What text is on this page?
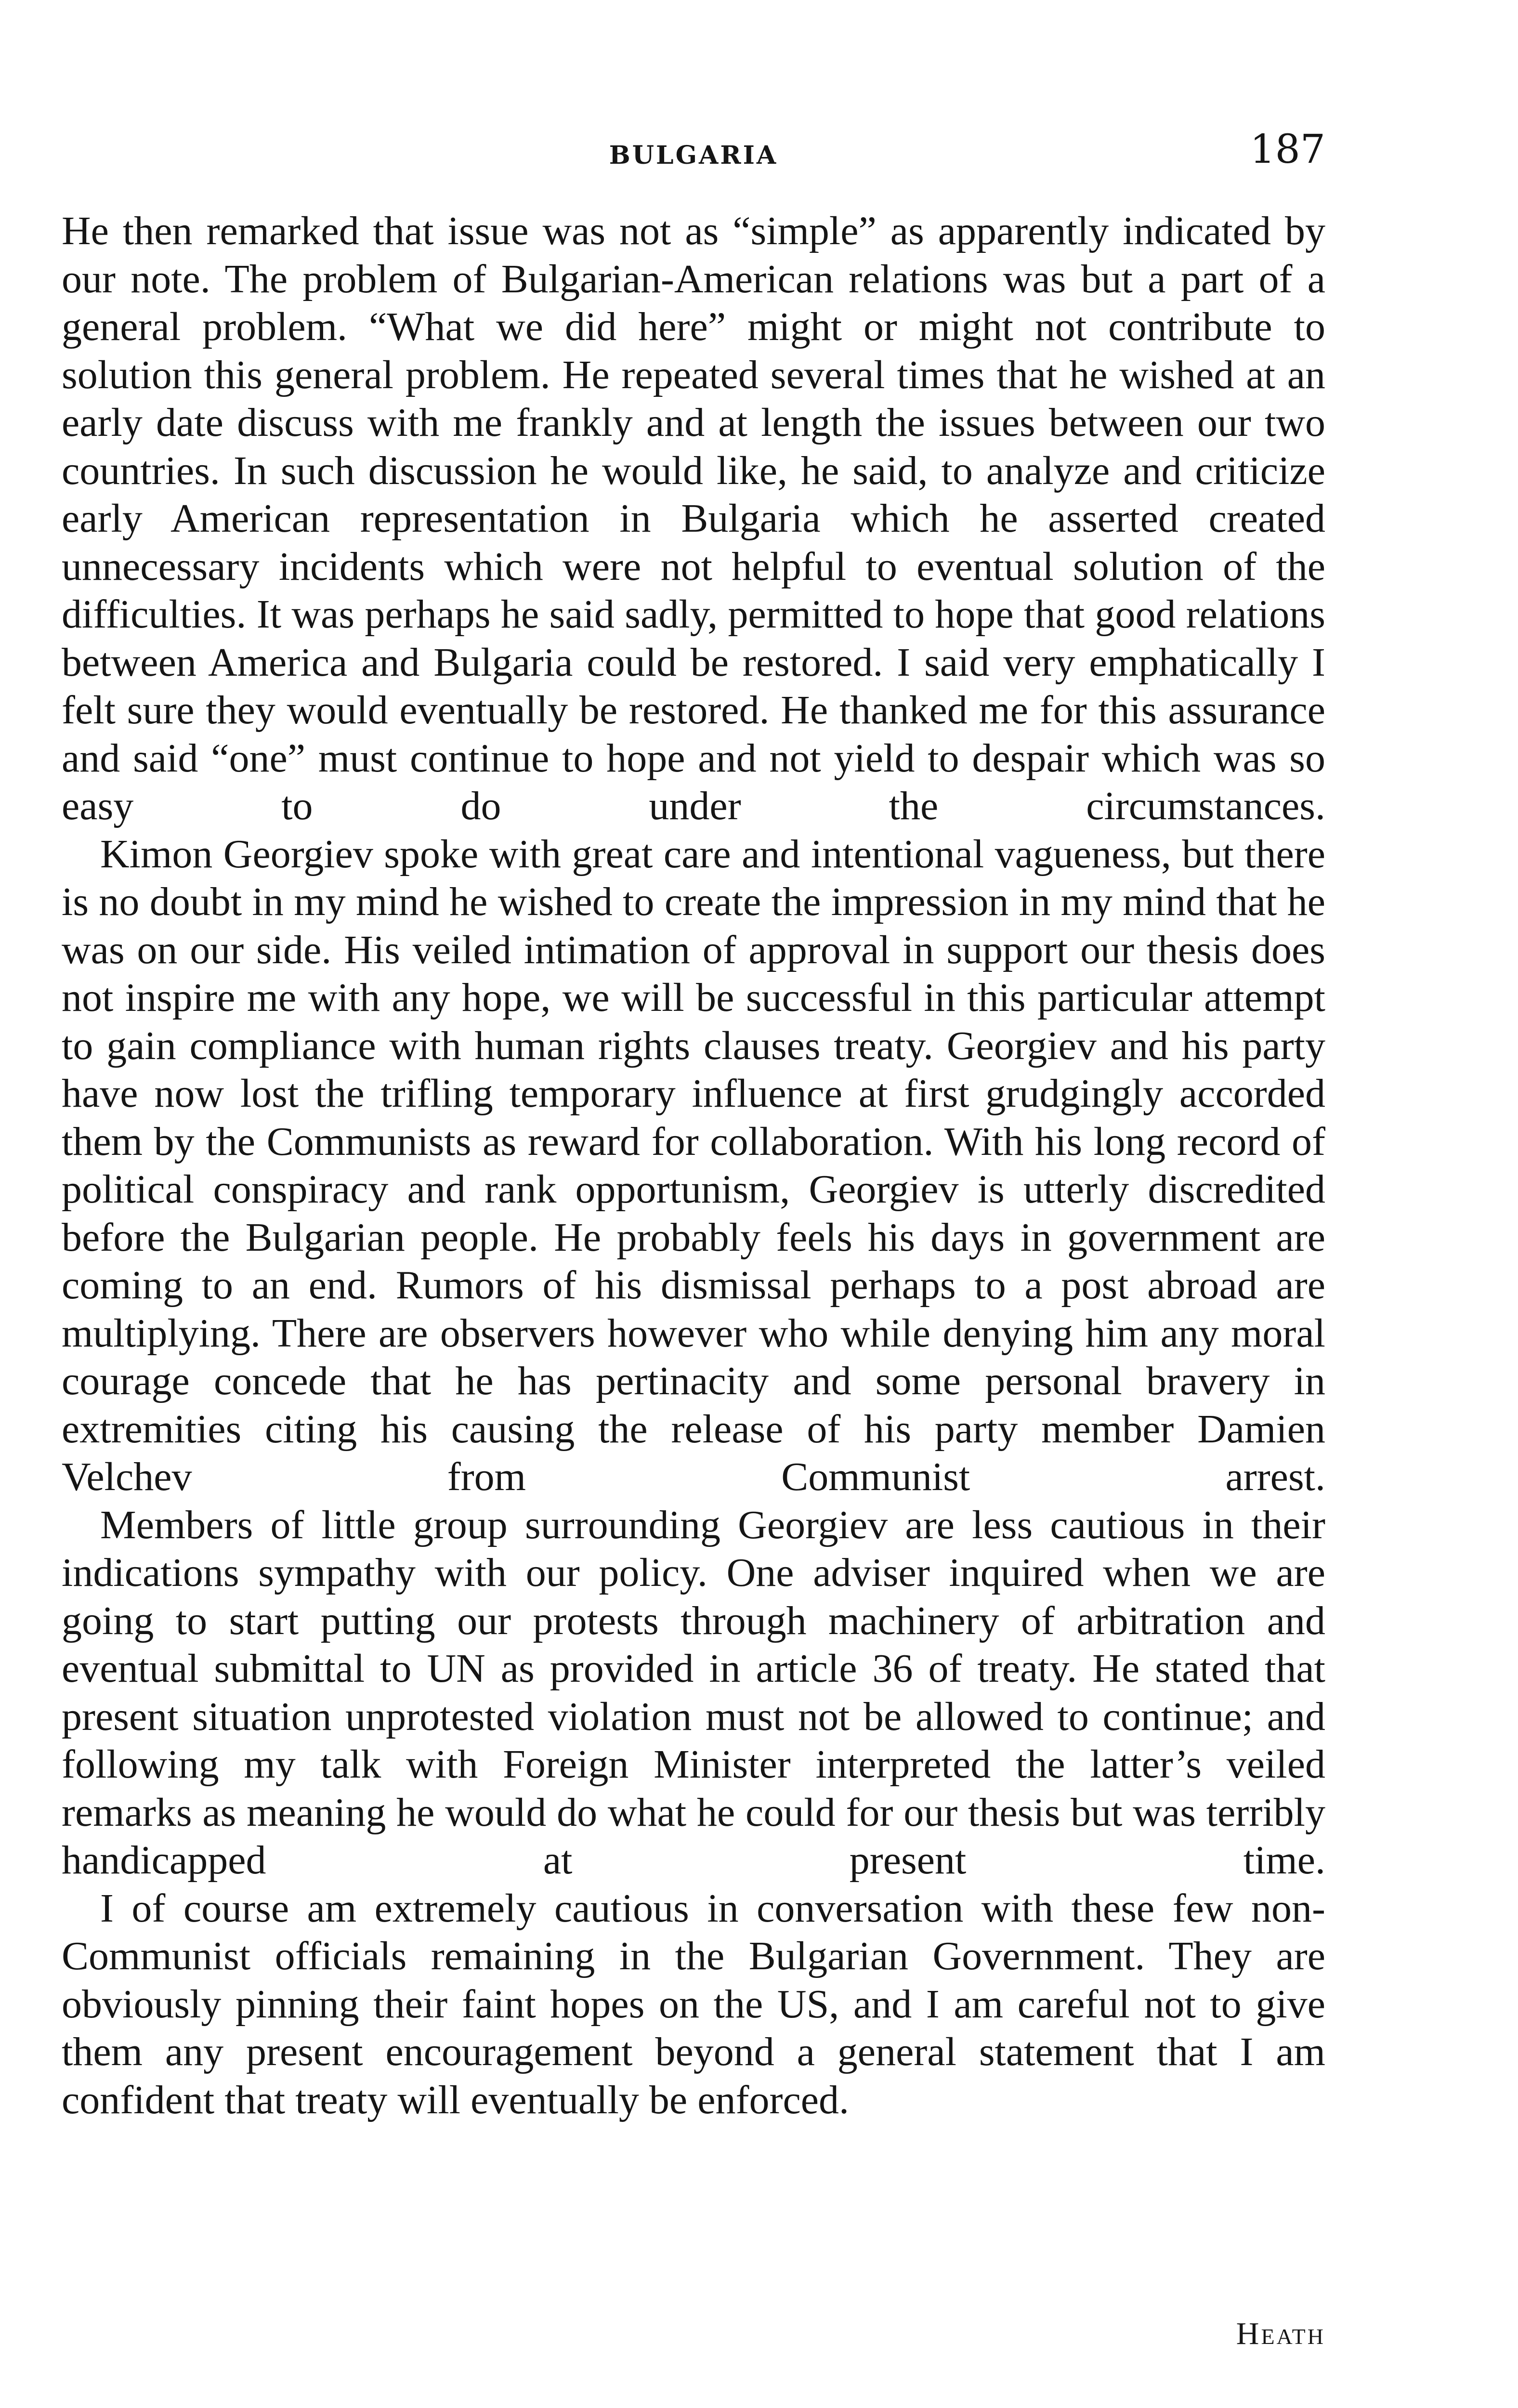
BULGARIA	187

He then remarked that issue was not as “simple” as apparently indicated by our note. The problem of Bulgarian-American relations was but a part of a general problem. “What we did here” might or might not contribute to solution this general problem. He repeated several times that he wished at an early date discuss with me frankly and at length the issues between our two countries. In such discussion he would like, he said, to analyze and criticize early American representation in Bulgaria which he asserted created unnecessary incidents which were not helpful to eventual solution of the difficulties. It was perhaps he said sadly, permitted to hope that good relations between America and Bulgaria could be restored. I said very emphatically I felt sure they would eventually be restored. He thanked me for this assurance and said “one” must continue to hope and not yield to despair which was so easy to do under the circumstances.

Kimon Georgiev spoke with great care and intentional vagueness, but there is no doubt in my mind he wished to create the impression in my mind that he was on our side. His veiled intimation of approval in support our thesis does not inspire me with any hope, we will be successful in this particular attempt to gain compliance with human rights clauses treaty. Georgiev and his party have now lost the trifling temporary influence at first grudgingly accorded them by the Communists as reward for collaboration. With his long record of political conspiracy and rank opportunism, Georgiev is utterly discredited before the Bulgarian people. He probably feels his days in government are coming to an end. Rumors of his dismissal perhaps to a post abroad are multiplying. There are observers however who while denying him any moral courage concede that he has pertinacity and some personal bravery in extremities citing his causing the release of his party member Damien Velchev from Communist arrest.

Members of little group surrounding Georgiev are less cautious in their indications sympathy with our policy. One adviser inquired when we are going to start putting our protests through machinery of arbitration and eventual submittal to UN as provided in article 36 of treaty. He stated that present situation unprotested violation must not be allowed to continue; and following my talk with Foreign Minister interpreted the latter’s veiled remarks as meaning he would do what he could for our thesis but was terribly handicapped at present time.

I of course am extremely cautious in conversation with these few non-Communist officials remaining in the Bulgarian Government. They are obviously pinning their faint hopes on the US, and I am careful not to give them any present encouragement beyond a general statement that I am confident that treaty will eventually be enforced.

Heath
